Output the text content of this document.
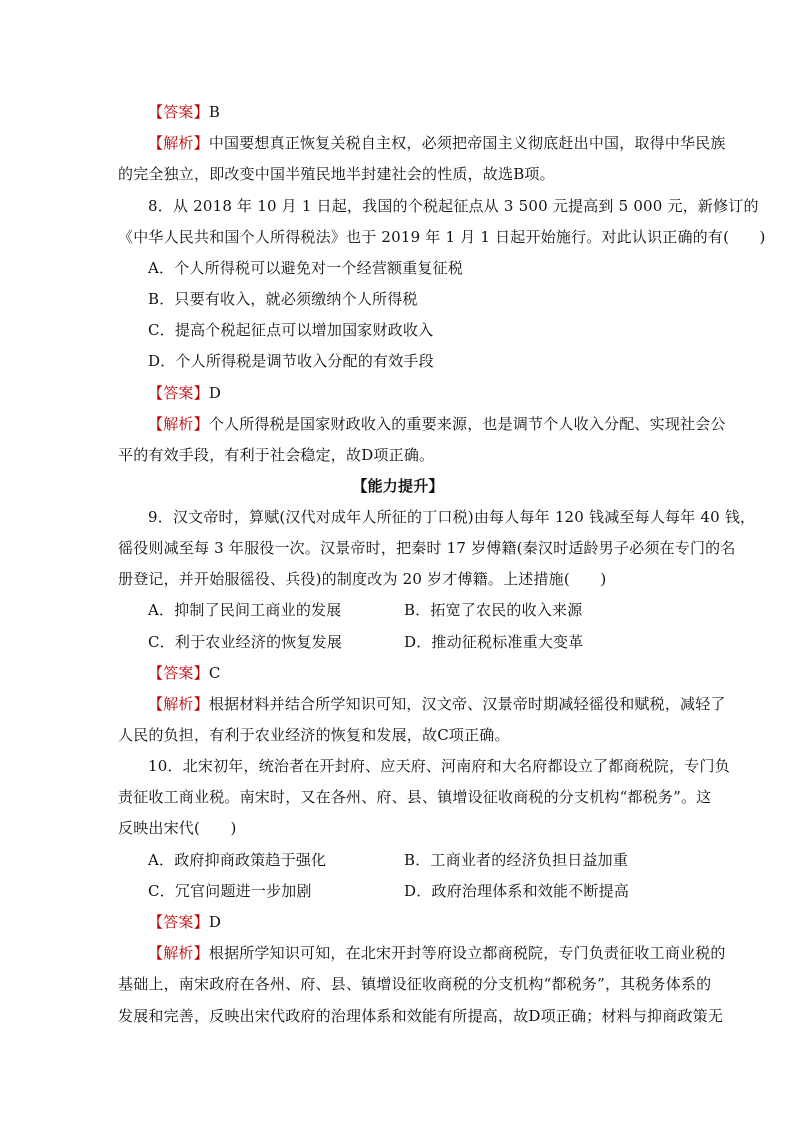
【答案】B
【解析】中国要想真正恢复关税自主权，必须把帝国主义彻底赶出中国，取得中华民族
的完全独立，即改变中国半殖民地半封建社会的性质，故选B项。
8．从 2018 年 10 月 1 日起，我国的个税起征点从 3 500 元提高到 5 000 元，新修订的
《中华人民共和国个人所得税法》也于 2019 年 1 月 1 日起开始施行。对此认识正确的有(　　)
A．个人所得税可以避免对一个经营额重复征税
B．只要有收入，就必须缴纳个人所得税
C．提高个税起征点可以增加国家财政收入
D．个人所得税是调节收入分配的有效手段
【答案】D
【解析】个人所得税是国家财政收入的重要来源，也是调节个人收入分配、实现社会公
平的有效手段，有利于社会稳定，故D项正确。
【能力提升】
9．汉文帝时，算赋(汉代对成年人所征的丁口税)由每人每年 120 钱减至每人每年 40 钱，
徭役则减至每 3 年服役一次。汉景帝时，把秦时 17 岁傅籍(秦汉时适龄男子必须在专门的名
册登记，并开始服徭役、兵役)的制度改为 20 岁才傅籍。上述措施(　　)
A．抑制了民间工商业的发展	B．拓宽了农民的收入来源
C．利于农业经济的恢复发展	D．推动征税标准重大变革
【答案】C
【解析】根据材料并结合所学知识可知，汉文帝、汉景帝时期减轻徭役和赋税，减轻了
人民的负担，有利于农业经济的恢复和发展，故C项正确。
10．北宋初年，统治者在开封府、应天府、河南府和大名府都设立了都商税院，专门负
责征收工商业税。南宋时，又在各州、府、县、镇增设征收商税的分支机构“都税务”。这
反映出宋代(　　)
A．政府抑商政策趋于强化	B．工商业者的经济负担日益加重
C．冗官问题进一步加剧	D．政府治理体系和效能不断提高
【答案】D
【解析】根据所学知识可知，在北宋开封等府设立都商税院，专门负责征收工商业税的
基础上，南宋政府在各州、府、县、镇增设征收商税的分支机构“都税务”，其税务体系的
发展和完善，反映出宋代政府的治理体系和效能有所提高，故D项正确；材料与抑商政策无
